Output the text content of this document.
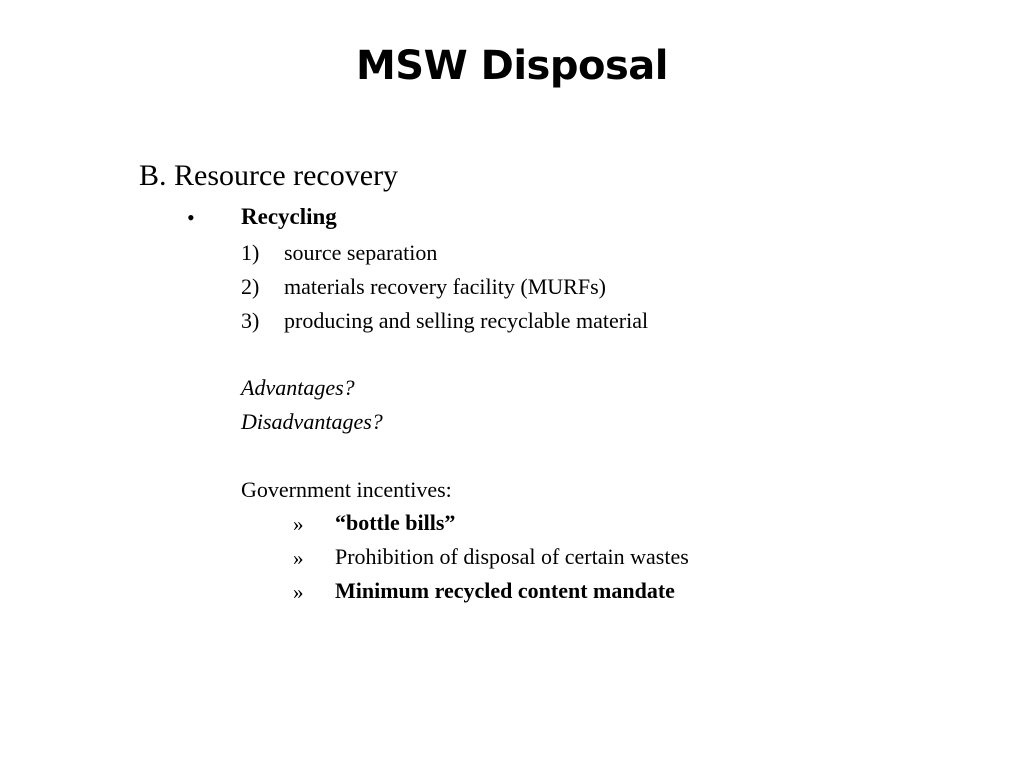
MSW Disposal
B. Resource recovery
• Recycling
1) source separation
2) materials recovery facility (MURFs)
3) producing and selling recyclable material
Advantages?
Disadvantages?
Government incentives:
» “bottle bills”
» Prohibition of disposal of certain wastes
» Minimum recycled content mandate
